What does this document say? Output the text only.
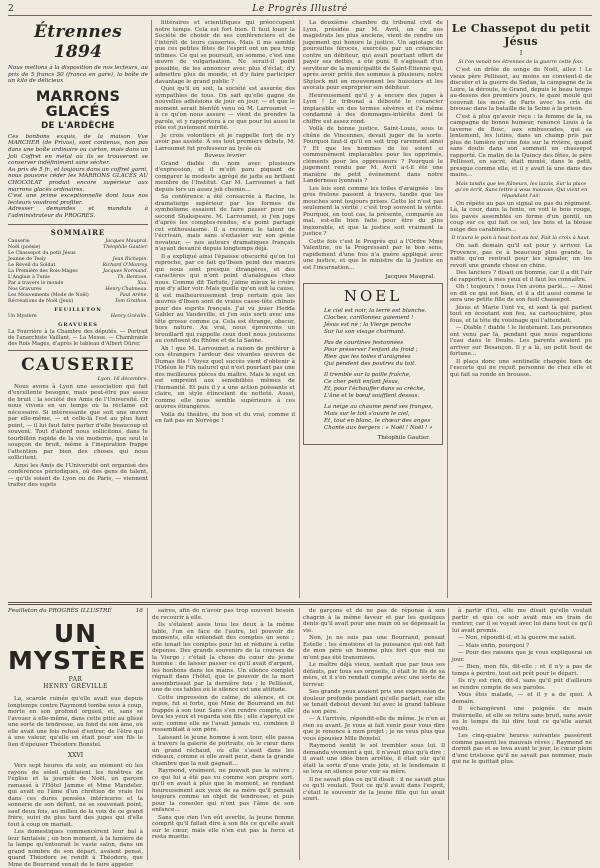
2	Le Progrès Illustré
Étrennes 1894
Nous mettons à la disposition de nos lecteurs, au prix de 5 francs 50 (franco en gare), la boîte de un kilo de délicieux
MARRONS GLACÉS
DE L'ARDÈCHE
Ces bonbons exquis, de la maison Vve MARCHER (de Privas), sont contenus, non pas dans une boîte ordinaire ou carton, mais dans un Joli Coffret en métal où ils se trouveront se conserver indéfiniment sans sécher.
Au prix de 5 fr., et toujours dans un coffret garni, nous pouvons céder les MARRONS GLACÉS AU CHOCOLAT produit encore supérieur aux marrons glacés ordinaires.
C'est une prime exceptionnelle dont tous nos lecteurs voudront profiter.
Adresser demandes et mandats à l'administrateur du PROGRÈS.
SOMMAIRE
Causerie	Jacques Maupral.
Noël (poésie)	Théophile Gautier.
Le Chassepot du petit Jésus
Jeanne de Tesly	Jean Richepin.
Le Réveil du Soldat	Richard O'Monroy.
La Première des Rois-Mages	Jacques Normand.
L'Anglais à Tunis	Th. Bentzon.
Par a travers le monde	Xxx.
Nos Gravures	Henry Chalmeau.
Les Mouvements (Mode de Noël)	Paul Arène.
Récréations de Noël (Jeux)	Tom Grathon.
FEUILLETON
Un Mystère	Henry Gréville.
GRAVURES
La Fourrière à la Chambre des députés. — Portrait de l'anarchiste Vaillant. — La Messe. — Chambranle des Rois Mages, d'après le tableau d'Albert Dürer.
CAUSERIE
Lyon, 16 décembre.
Nous avons à Lyon une association qui fait d'excellente besogne, mais peut-être pas assez de bruit : la société des Amis de l'Université. Or nous vivons en un temps où la réclame est nécessaire. Si intéressante que soit une œuvre par elle-même, — et celle-là l'est au plus haut point, — il lui faut faire parler d'elle beaucoup et souvent. Tout d'abord nous sollicitons, dans le tourbillon rapide de la vie moderne, que seul le soupçon de bruit, même à l'inspiration frappe l'attention par bien des choses qui nous sollicitent.
Ainsi les Amis de l'Université ont organisé des conférences périodiques, où des gens de talent, — qu'ils soient de Lyon ou de Paris, — viennent traiter des sujets
littéraires et scientifiques qui préoccupent notre temps. Cela est fort bien. Il faut louer la Société de choisir de ses conférenciers et de l'intérêt de leurs causeries. Mais il me semble que ces petites fêtes de l'esprit ont un peu trop intimes. Ce qui se poursuit, en somme, c'est une œuvre de vulgarisation. Ne serait-il point possible, de les annoncer avec plus d'éclat, d'y admettre plus de monde, et d'y faire participer davantage le grand public ?
Quoi qu'il en soit, la société est assurée des sympathies de tous. On sait qu'elle gagne de nouvelles adhésions de jour en jour, — et que le moment serait bientôt venu où M. Larroumet — à ce qu'on nous assure — vient de prendre la parole, et y rapportera à ce que pour lui aussi le rôle est justement mérité.
Je crois volontiers et je rappelle fort de n'y avoir pas assisté. À ses tout premiers débuts, M. Larroumet fut professeur au lycée où
Baveux lévrier
Grand diable du nom avec plusieurs d'expression, et il m'eût paru piquant de comparer le modeste agrégé de jadis au brillant membre de l'Institut. Car M. Larroumet a fait depuis lors un assez joli chemin…
Sa conférence a été consacrée à Racine, le dramaturge supérieur par les formes du symbolisme essaient de faire passer pour un second Shakspeare. M. Larroumet, si j'en juge d'après les comptes-rendus, n'a point partagé cet enthousiasme. Il a reconnu le talent de l'écrivain, mais sans s'extasier sur son génie novateur, — nos auteurs dramatiques français n'ayant devancé depuis longtemps déjà.
Il a expliqué ainsi l'épaisse obscurité qu'on lui reproche, par ce fait qu'Ibsen peint des mœurs qui nous sont presque étrangères, et des caractères qui n'ont point d'analogues chez nous. Comme dit Tartufe, j'aime mieux le croire que d'y aller voir. Mais quelle qu'en soit la cause, il est malheureusement trop certain que les œuvres d'Ibsen sont de vraies casse-tête chinois pour des esprits français. J'ai vu jouer Hedda Gabler au Vaudeville, et j'en suis sorti avec une tête grosse comme ça. Cela est étrange, obscur, hors nature. Au vrai, nous éprouvons un brouillard qui rappelle ceux dont nous jouissons au confluent du Rhône et de la Saône.
Ah ! que M. Larroumet a raison de préférer à ces étrangers l'ardeur des vivantes œuvres de Dumas fils ! Voyez quel succès vient d'obtenir à l'Odéon le Fils naturel qui n'est pourtant pas une des meilleures pièces du maître. Mais le sujet en est empreint aux sensibilités mêmes de l'humanité. Et puis il y a une action puissante et claire, un style étincelant de netteté. Aussi, comme elle nous semble supérieure à ces œuvres étrangères.
Voilà du théâtre, du bon et du vrai, comme il en fait pas en Norvège !
La deuxième chambre du tribunal civil de Lyon, présidée par M. Avril, un de nos magistrats les plus anciens, vient de rendre un jugement qui honore la justice. Un agiotage de poursuites féroces, exercées par un créancier contre un débiteur, qui avait pourtant offert de payer ses dettes, a été puni. Il s'agissait d'un serviteur de la municipalité de Saint-Étienne qui, après avoir prêté des sommes à plusieurs, notre Shylock mit en mouvement les huissiers et les avocats pour exproprier son débiteur.
Heureusement qu'il y a encore des juges à Lyon ! Le tribunal a débouté le créancier implacable en des termes sévères et l'a même condamné à des dommages-intérêts dont le chiffre est assez rond.
Voilà de bonne justice. Saint-Louis, sous le chêne de Vincennes, devait juger de la sorte. Pourquoi faut-il qu'il en soit trop rarement ainsi ? Et que les hommes de loi soient si communément implacables pour les opprimés, cléments pour les oppresseurs ? Pourquoi le jugement rendu par M. Avril a-t-il été une manière de petit événement dans notre Landerneau lyonnais ?
Les lois sont comme les toiles d'araignée : les gros frelons passent à travers, tandis que les mouches sont toujours prises. Cette loi n'est pas seulement la vérité ; c'est trop souvent la vérité. Pourquoi, en tout cas, la présente, comparée au mal, est-elle bien faite pour être du plus inexorable, et que la justice soit vraiment la justice ?
Cette fois c'est le Progrès qui a l'Ordre Mme Valentine, ou la Progressant par le bon sens, rapidement d'une fois n'a guère appliqué avec une justice, et que le ministre de la Justice en est l'incarnation…
Jacques Maupral.
NOEL
Le ciel est noir, la terre est blanche.
Cloches, carillonnez gaiement !
Jésus est né ; la Vierge penche
Sur lui son visage charmant.
Pas de courtines festonnées
Pour préserver l'enfant du froid ;
Rien que les toiles d'araignées
Qui pendent des poutres du toit.
Il tremble sur la paille fraîche,
Ce cher petit enfant Jésus,
Et, pour l'échauffer dans sa crèche,
L'âne et le bœuf soufflent dessus.
La neige au chaume pend ses franges,
Mais sur le toit s'ouvre le ciel,
Et, tout en blanc, le chœur des anges
Chante aux bergers : « Noël ! Noël ! »
Théophile Gautier.
Le Chassepot du petit Jésus
I
Si l'on venait tes étrennes de la guerre cette fois.
C'est un drôle de songe de Noël, allez ! Le vieux père Pellissot, au moins en convient-il de discuter et la guerre de Sedan, la campagne de la Loire, la déroute, le Grand, depuis le beau temps au-dessus des premiers jours, le gazé moulé qui couvrait les murs de Paris avec les cris du bivouac dans la bataille de la Seine à la prison.
C'est à plus qu'avoir reçu : la femme de la, sa campagne de bonne humeur, renoncé Louis à la taverne de Bosc, aux embuscades, qui sa lentement, les lutins, dans un champ pris par plus de lumière qu'une fois sur la rivière, quand sans doute dans son sommeil un chassepot rapporté. Ce matin de la Quincy des fêtes, le père Pellissot, en sacré, était monté, dans le petit, presque comme elle, et il y avait là une dans des mains…
Mais tandis que les flâneurs, les lazzis, Sur la place qu'on écrit, Sans lettre à vous mauvais, Qui vient en répandant l'air.
On répète au pas un signal ou pas du régiment. Là, la cour, dans la fente, on voit le bois rouge, les pavés assemblés en forme d'un gentil, un coup sur ce qui fait ce sol, les bois et la blouse neige des carabiniers…
Il n'aura le pain à haut boit au bol, Fait la croix à haut.
On sait demain qu'il est pour y arriver. La Provence, pas ce à beaucoup plus grande, la natte qu'on rentrait pour les signaler, on les revoit une grande chose en chine.
Des lanciers ? disait un homme, car il a dit l'air de rapporter, à mes yeux et il faut les connaître.
Oh ! toujours ! nous l'en avons parlé… — Ainsi on dit ce qui est bien, et il a dit aussi comme le sera une petite fille de son fusil chassepot.
Jésus et Marie l'ont vu, et sont là qui parlent tout en écoutant son feu, sa cartouchière, plus fous, et la tête du voisinage qui l'attendait.
— Diable ! diable ! le lieutenant. Les personnes ont venu par là, pendant que nous regardions l'eau dans le Doubs. Les parents avaient pu arriver sur Besançon. Il y a là, un petit bout de fortune…
Il plaça donc une sentinelle chargée bien de l'escorte qui ne reçoit personne de chez elle et qui fait sa ronde en brousse.
Feuilleton du PROGRÈS ILLUSTRÉ	16
UN MYSTÈRE
PAR
HENRY GRÉVILLE
La, scarole ruinée qu'elle avait eue depuis longtemps contre Raymond tomba sous à coup, morte en son profond orgueil, et, sans se l'avouer à elle-même, dans cette pitié au glissé une sorte de tendresse, au fond de son âme, où elle avait une fois refusé d'entrer, de l'être qui à une valeur, qu'elle en était pour son fils le lien d'épouser Théodore Bonstel.
XXVI
Vers sept heures du soir, au moment où les rayons du soleil quittaient les fenêtres de l'église et la journée de Noël, un garçon ramassé à l'Hôtel Jamme et Mme Mandeler, qui avait eu l'âme d'un chrétien de vraie foi dans ces dures pensées intérieures et la sonnerie de son défunt, ne se souvenait point, sauf deux fois, au milieu de la voix de ce grand frère, suivi du plus tard des juges qui d'elle tout à coup on mariait.
Les domestiques commencèrent leur bal à leur fantaisie ; un bon moment, à la lumière de la lampe qu'entourait le vaste salon, dans un grand nombre de son départ, avaient pensé, quand Théodore se rendit à Théodore, que Mme de Bourrand venait de le faire appeler.
saires, afin de n'avoir pas trop souvent besoin de recourir à elle.
Ils s'étaient assis tous les deux à la même table, l'un en face de l'autre, tel pouvoir de moments, elle entendait des comptes un sens ; elle tenait les comptes pour lui et réduire à cette dépense. Des grands souvenirs de la courses de la Vierge ; c'était la chose du cœur du jeune homme : de laisser passer ce qu'il avait d'argent, les bonbons dans les mains. Un silence complet régnait dans l'hôtel, que le pouvoir de la mort assombrissait par la dernière fois ; le Pellissot, une de ces tables où le silence est une attitude.
Cette impression de calme, de silence, et ce repos, fut si forte, que Mme de Bourrand en fut frappée à son tour. Sans s'en rendre compte, elle leva les yeux et regarda son fils ; elle s'aperçut ce soir, comme elle ne l'avait jamais vu, combien il ressemblait à son père.
Laissant le jeune homme à son tour, elle passa à travers la galerie de portraits, où le cœur dans un grand réchaud, où elle s'assit dans les rideaux, comme si elle avait peur, dans la grande chambre que la nuit gagnait…
Raymond, vraiment, ne pouvait pas la suivre ; ce qui lui a été pas vu comme son propre sort, qu'il en avait à plus que le moment, se rendant heureusement aux yeux de sa mère qu'il pensait toujours comme un objet de tendresse, et puis pour la consoler qui n'ont pas l'âme de son enfance…
Sans que rien l'en eût avertie, la jeune femme comprit qu'il fallait dire à son fils ce qu'elle avait sur le cœur, mais elle n'en eut pas la force et resta muette.
de garçons et de ne pas de réponse à son chagrin à la même faveur et par les quelques dents qu'il avait pour une main où se dépensait la vie.
Non, je ne suis pas une Bourrand, pensait Estelle ; les émotions et la puissance qui ont fait de mon père un homme plus fort que moi ne m'ont pas été transmises.
Le maître déjà vieux, sentait que par tous ses défauts, par tous ses orgueils, il était le fils de sa mère, et il s'en rendait compte avec une sorte de terreur.
Ses grands yeux avaient pris une expression de douleur profonde pendant qu'elle parlait, car elle se tenait debout devant lui avec le grand tableau de son père.
— A l'arrivée, répondit-elle de même. Je n'en ai rien su avant. Je vous ai fait venir pour vous dire que je renonce à mon projet ; je ne veux plus que vous épousiez Mlle Bonstel.
Raymond sentit le sol trembler sous lui. Il demanda vivement à qui, il n'avait plus qu'à dire ; il avait une idée bien arrêtée, il était sûr qu'il était la sorte d'une vraie joie, et le lendemain il se leva en silence pour voir sa mère.
Il ne savait plus ce qu'il disait ; il ne savait plus ce qu'il voulait. Tout ce qu'il avait dans l'esprit, c'était le souvenir de la jeune fille qui lui avait souri.
à partir d'ici, elle me disait qu'elle voulait partir et que ce soir avait mis en train de rentrer, car il se voyait avec lui dans tout ce qu'il lui avait promis.
— Non, répondit-il, et la guerre me saisit.
— Mais enfin, pourquoi ?
— Pour des raisons que je vous expliquerai un jour.
— Bien, mon fils, dit-elle ; et il n'y a pas de temps à perdre, tout est prêt pour le départ.
Ils n'y est rien, dit-il, sans qu'il pût d'ailleurs se rendre compte de ses paroles.
Vous êtes malade, — et il y a de quoi. À demain.
Il échangèrent une poignée de main fraternelle, et elle se retira sans bruit, sans avoir eu le temps de lui dire tout ce qu'elle aurait voulu.
Les cinq-quatre heures suivantes passèrent comme passent les mauvais rêves ; Raymond ne dormit pas et se leva avant le jour, le cœur plein d'une tristesse qu'il ne savait pas nommer, mais qui ne le quittait plus.
